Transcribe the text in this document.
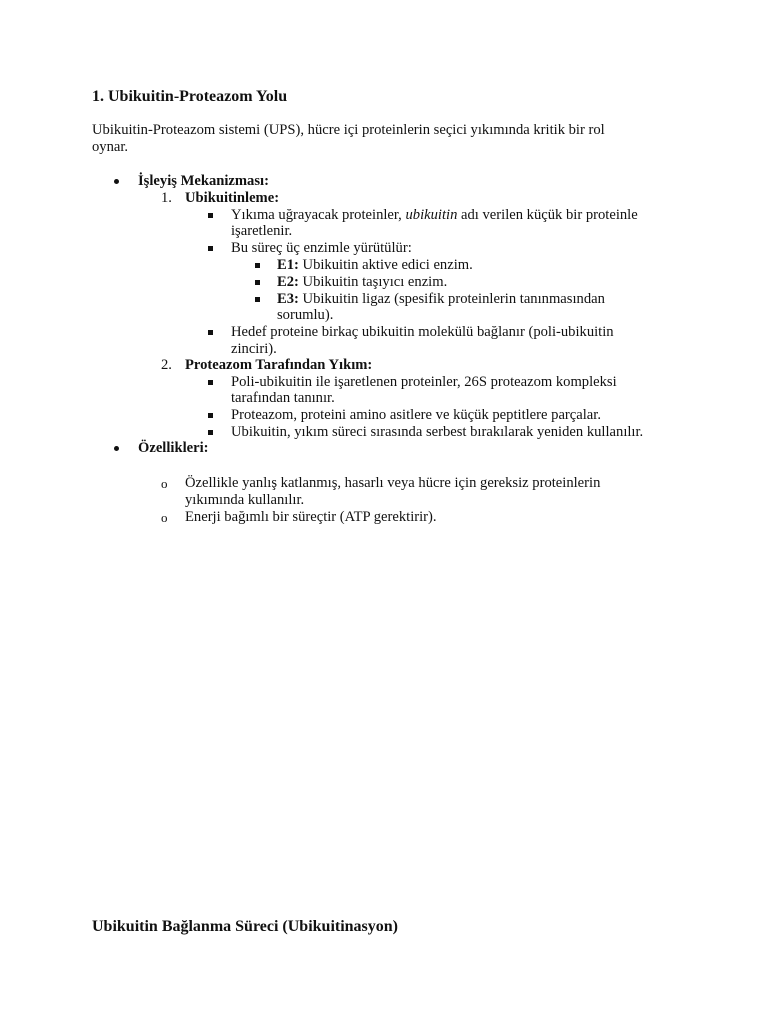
1. Ubikuitin-Proteazom Yolu
Ubikuitin-Proteazom sistemi (UPS), hücre içi proteinlerin seçici yıkımında kritik bir rol
oynar.
İşleyiş Mekanizması:
1. Ubikuitinleme:
Yıkıma uğrayacak proteinler, ubikuitin adı verilen küçük bir proteinle
işaretlenir.
Bu süreç üç enzimle yürütülür:
E1: Ubikuitin aktive edici enzim.
E2: Ubikuitin taşıyıcı enzim.
E3: Ubikuitin ligaz (spesifik proteinlerin tanınmasından
sorumlu).
Hedef proteine birkaç ubikuitin molekülü bağlanır (poli-ubikuitin
zinciri).
2. Proteazom Tarafından Yıkım:
Poli-ubikuitin ile işaretlenen proteinler, 26S proteazom kompleksi
tarafından tanınır.
Proteazom, proteini amino asitlere ve küçük peptitlere parçalar.
Ubikuitin, yıkım süreci sırasında serbest bırakılarak yeniden kullanılır.
Özellikleri:
o Özellikle yanlış katlanmış, hasarlı veya hücre için gereksiz proteinlerin
yıkımında kullanılır.
o Enerji bağımlı bir süreçtir (ATP gerektirir).
Ubikuitin Bağlanma Süreci (Ubikuitinasyon)
